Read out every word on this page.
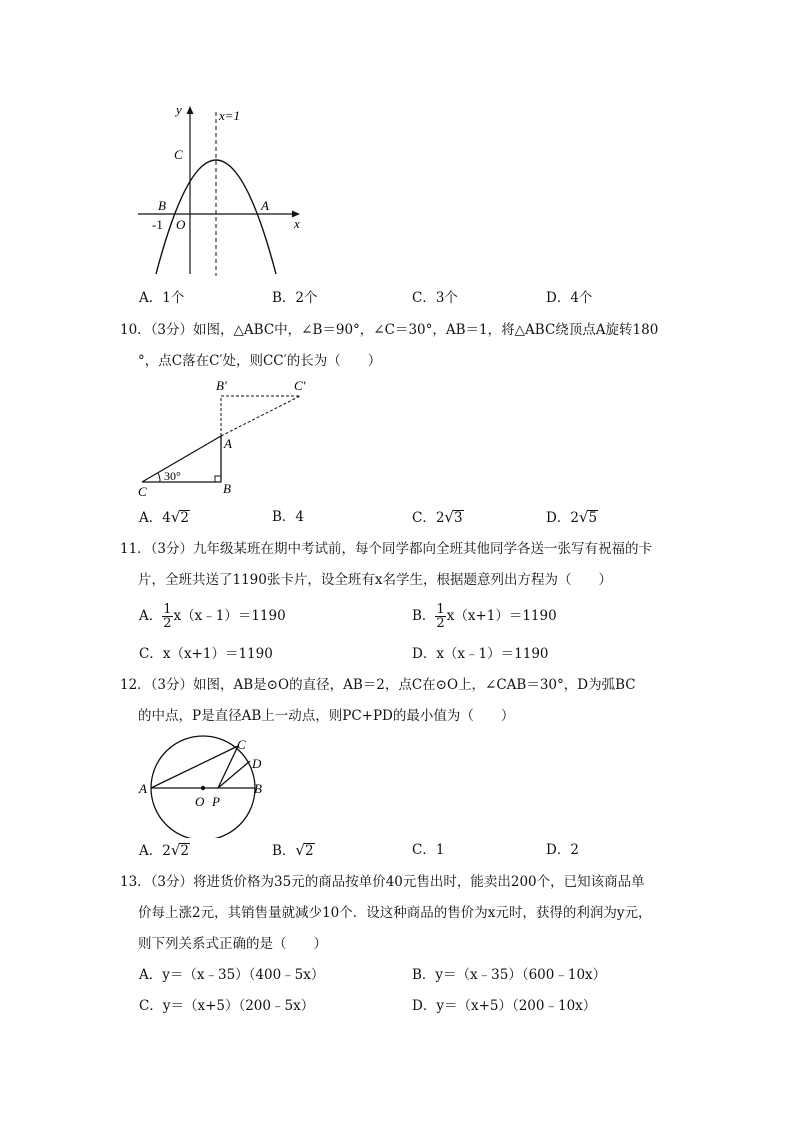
y	x=1
C
B	A
-1 O	x
A．1个	B．2个	C．3个	D．4个
10．（3分）如图，△ABC中，∠B＝90°，∠C＝30°，AB＝1，将△ABC绕顶点A旋转180
°，点C落在C′处，则CC′的长为（　　）
B′	C′
A
C	B
30°
A．4√2	B．4	C．2√3	D．2√5
11．（3分）九年级某班在期中考试前，每个同学都向全班其他同学各送一张写有祝福的卡
片，全班共送了1190张卡片，设全班有x名学生，根据题意列出方程为（　　）
A． $\frac{1}{2}$ x（x﹣1）＝1190	B． $\frac{1}{2} x(x+1)=1190$
C．x（x+1）＝1190	D．x（x﹣1）＝1190
12．（3分）如图，AB是⊙O的直径，AB＝2，点C在⊙O上，∠CAB＝30°，D为弧BC
的中点，P是直径AB上一动点，则PC+PD的最小值为（　　）
A	B
C
D
O P
A．2√2	B．√2	C．1	D．2
13．（3分）将进货价格为35元的商品按单价40元售出时，能卖出200个，已知该商品单
价每上涨2元，其销售量就减少10个．设这种商品的售价为x元时，获得的利润为y元，
则下列关系式正确的是（　　）
A．y＝（x﹣35）（400﹣5x）	B．y＝（x﹣35）（600﹣10x）
C．y＝（x+5）（200﹣5x）	D．y＝（x+5）（200﹣10x）
